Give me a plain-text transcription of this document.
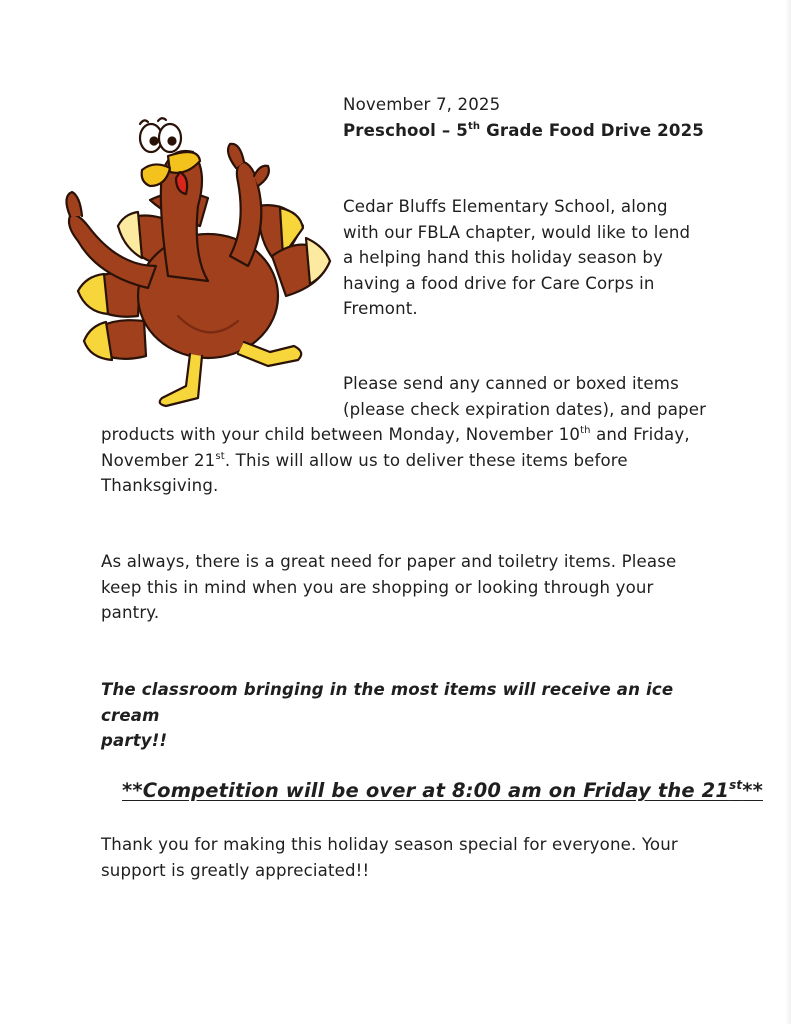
November 7, 2025
Preschool – 5th Grade Food Drive 2025
Cedar Bluffs Elementary School, along
with our FBLA chapter, would like to lend
a helping hand this holiday season by
having a food drive for Care Corps in
Fremont.
Please send any canned or boxed items
(please check expiration dates), and paper
products with your child between Monday, November 10th and Friday,
November 21st. This will allow us to deliver these items before
Thanksgiving.
As always, there is a great need for paper and toiletry items. Please
keep this in mind when you are shopping or looking through your
pantry.
The classroom bringing in the most items will receive an ice cream
party!!
**Competition will be over at 8:00 am on Friday the 21st**
Thank you for making this holiday season special for everyone. Your
support is greatly appreciated!!
